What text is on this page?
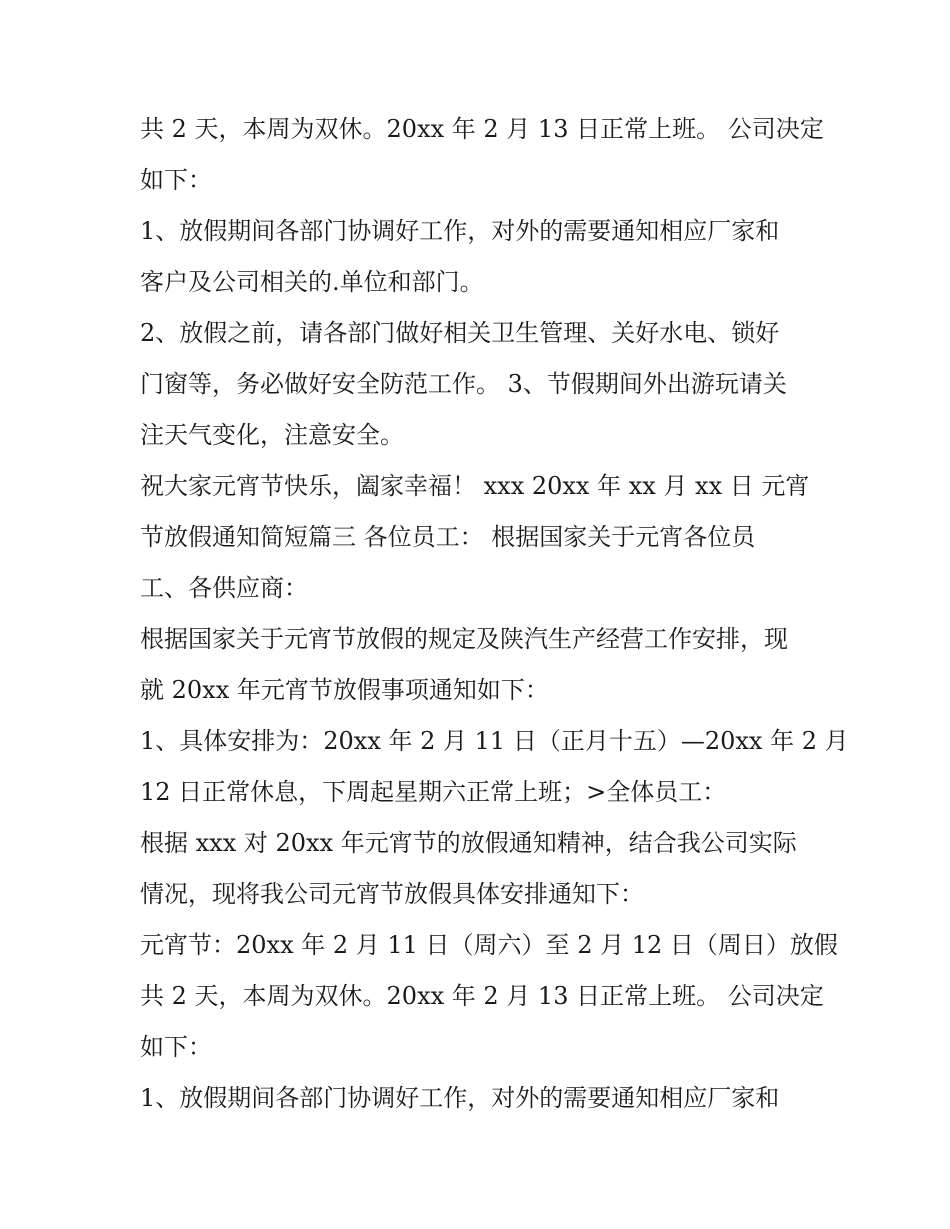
共 2 天，本周为双休。20xx 年 2 月 13 日正常上班。 公司决定
如下：
1、放假期间各部门协调好工作，对外的需要通知相应厂家和
客户及公司相关的.单位和部门。
2、放假之前，请各部门做好相关卫生管理、关好水电、锁好
门窗等，务必做好安全防范工作。 3、节假期间外出游玩请关
注天气变化，注意安全。
祝大家元宵节快乐，阖家幸福！ xxx 20xx 年 xx 月 xx 日 元宵
节放假通知简短篇三 各位员工： 根据国家关于元宵各位员
工、各供应商：
根据国家关于元宵节放假的规定及陕汽生产经营工作安排，现
就 20xx 年元宵节放假事项通知如下：
1、具体安排为：20xx 年 2 月 11 日（正月十五）—20xx 年 2 月
12 日正常休息，下周起星期六正常上班；>全体员工：
根据 xxx 对 20xx 年元宵节的放假通知精神，结合我公司实际
情况，现将我公司元宵节放假具体安排通知下：
元宵节：20xx 年 2 月 11 日（周六）至 2 月 12 日（周日）放假
共 2 天，本周为双休。20xx 年 2 月 13 日正常上班。 公司决定
如下：
1、放假期间各部门协调好工作，对外的需要通知相应厂家和
